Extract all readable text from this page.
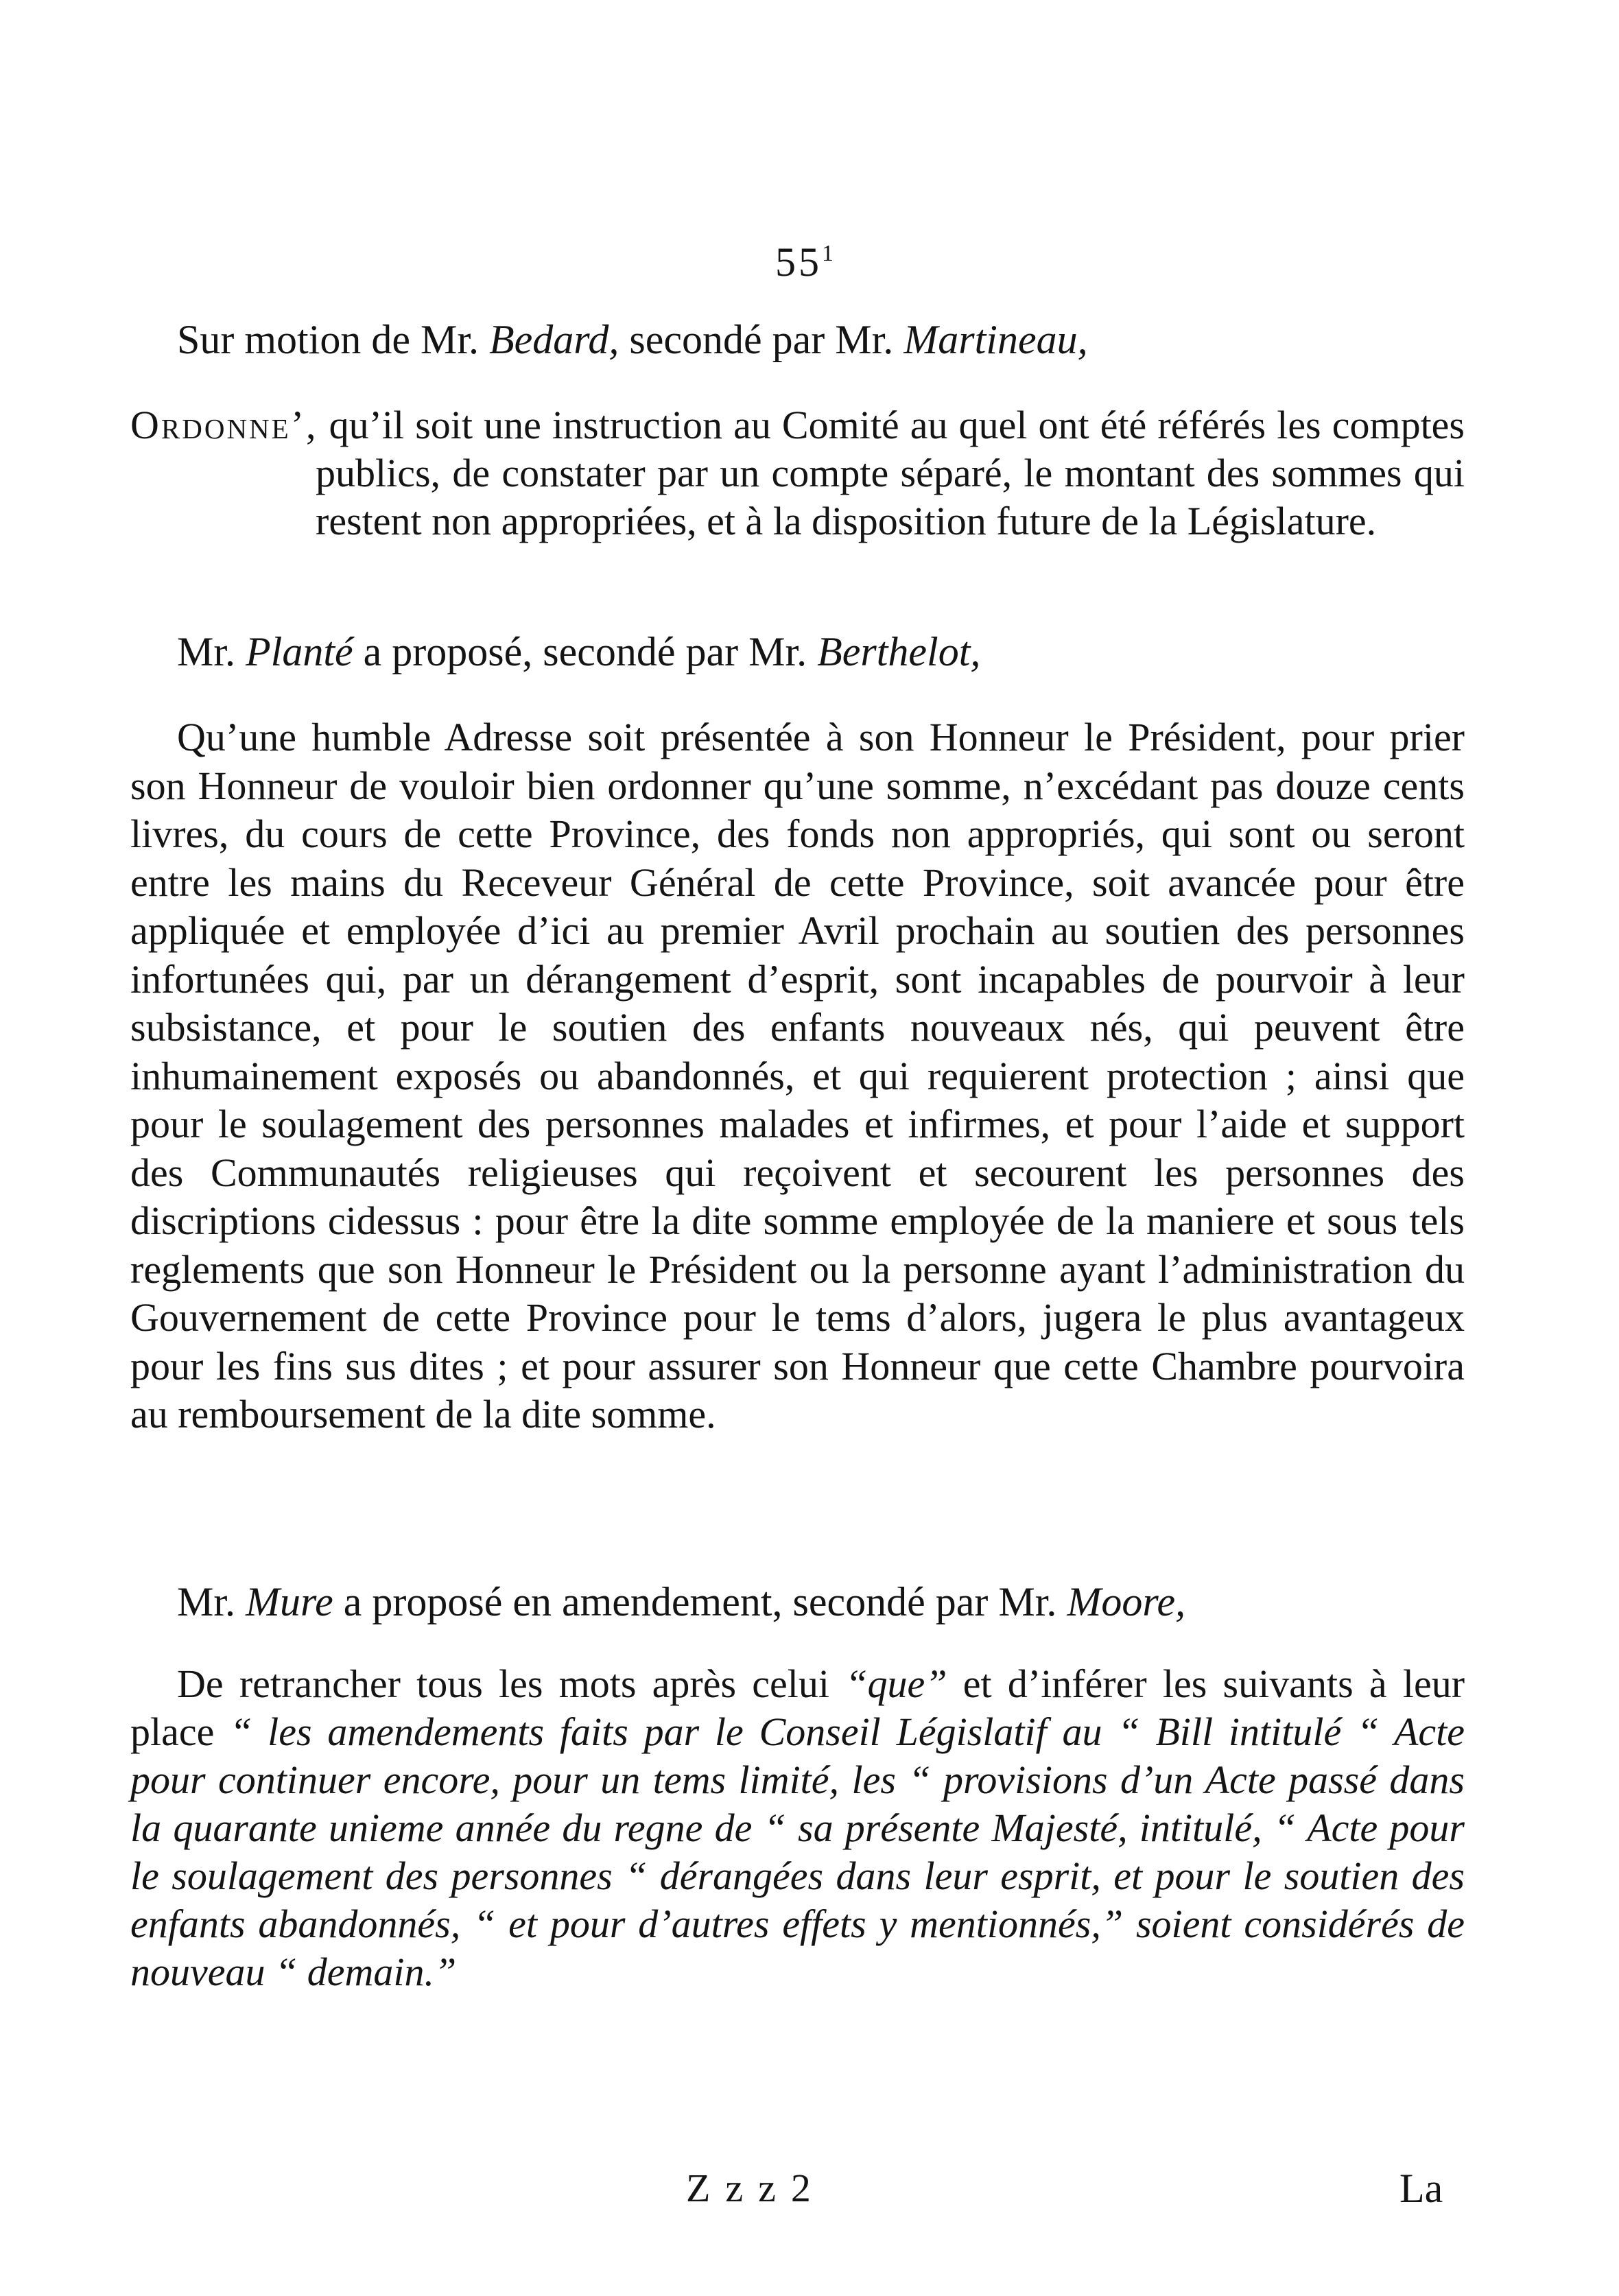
$55^1$
Sur motion de Mr. Bedard, secondé par Mr. Martineau,
Ordonne’, qu’il soit une instruction au Comité au quel ont été référés les comptes publics, de constater par un compte séparé, le montant des sommes qui restent non appropriées, et à la disposition future de la Législature.
Mr. Planté a proposé, secondé par Mr. Berthelot,
Qu’une humble Adresse soit présentée à son Honneur le Président, pour prier son Honneur de vouloir bien ordonner qu’une somme, n’excédant pas douze cents livres, du cours de cette Province, des fonds non appropriés, qui sont ou seront entre les mains du Receveur Général de cette Province, soit avancée pour être appliquée et employée d’ici au premier Avril prochain au soutien des personnes infortunées qui, par un dérangement d’esprit, sont incapables de pourvoir à leur subsistance, et pour le soutien des enfants nouveaux nés, qui peuvent être inhumainement exposés ou abandonnés, et qui requierent protection ; ainsi que pour le soulagement des personnes malades et infirmes, et pour l’aide et support des Communautés religieuses qui reçoivent et secourent les personnes des discriptions cidessus : pour être la dite somme employée de la maniere et sous tels reglements que son Honneur le Président ou la personne ayant l’administration du Gouvernement de cette Province pour le tems d’alors, jugera le plus avantageux pour les fins sus dites ; et pour assurer son Honneur que cette Chambre pourvoira au remboursement de la dite somme.
Mr. Mure a proposé en amendement, secondé par Mr. Moore,
De retrancher tous les mots après celui “que” et d’inférer les suivants à leur place “ les amendements faits par le Conseil Législatif au “ Bill intitulé “ Acte pour continuer encore, pour un tems limité, les “ provisions d’un Acte passé dans la quarante unieme année du regne de “ sa présente Majesté, intitulé, “ Acte pour le soulagement des personnes “ dérangées dans leur esprit, et pour le soutien des enfants abandonnés, “ et pour d’autres effets y mentionnés,” soient considérés de nouveau “ demain.”
Zzz2	La
